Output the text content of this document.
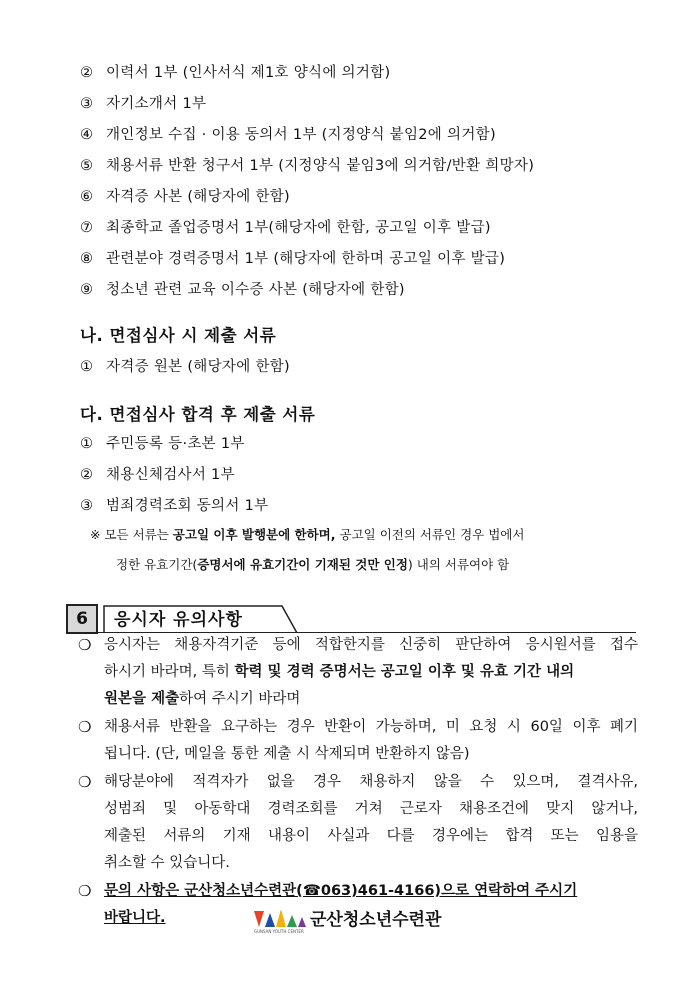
② 이력서 1부 (인사서식 제1호 양식에 의거함)
③ 자기소개서 1부
④ 개인정보 수집 · 이용 동의서 1부 (지정양식 붙임2에 의거함)
⑤ 채용서류 반환 청구서 1부 (지정양식 붙임3에 의거함/반환 희망자)
⑥ 자격증 사본 (해당자에 한함)
⑦ 최종학교 졸업증명서 1부(해당자에 한함, 공고일 이후 발급)
⑧ 관련분야 경력증명서 1부 (해당자에 한하며 공고일 이후 발급)
⑨ 청소년 관련 교육 이수증 사본 (해당자에 한함)
나. 면접심사 시 제출 서류
① 자격증 원본 (해당자에 한함)
다. 면접심사 합격 후 제출 서류
① 주민등록 등·초본 1부
② 채용신체검사서 1부
③ 범죄경력조회 동의서 1부
※ 모든 서류는 공고일 이후 발행분에 한하며, 공고일 이전의 서류인 경우 법에서
정한 유효기간(증명서에 유효기간이 기재된 것만 인정) 내의 서류여야 함
6	응시자 유의사항
❍ 응시자는 채용자격기준 등에 적합한지를 신중히 판단하여 응시원서를 접수
하시기 바라며, 특히 학력 및 경력 증명서는 공고일 이후 및 유효 기간 내의
원본을 제출하여 주시기 바라며
❍ 채용서류 반환을 요구하는 경우 반환이 가능하며, 미 요청 시 60일 이후 폐기
됩니다. (단, 메일을 통한 제출 시 삭제되며 반환하지 않음)
❍ 해당분야에 적격자가 없을 경우 채용하지 않을 수 있으며, 결격사유,
성범죄 및 아동학대 경력조회를 거쳐 근로자 채용조건에 맞지 않거나,
제출된 서류의 기재 내용이 사실과 다를 경우에는 합격 또는 임용을
취소할 수 있습니다.
❍ 문의 사항은 군산청소년수련관(☎063)461-4166)으로 연락하여 주시기
바랍니다.	군산청소년수련관
GUNSAN YOUTH CENTER
